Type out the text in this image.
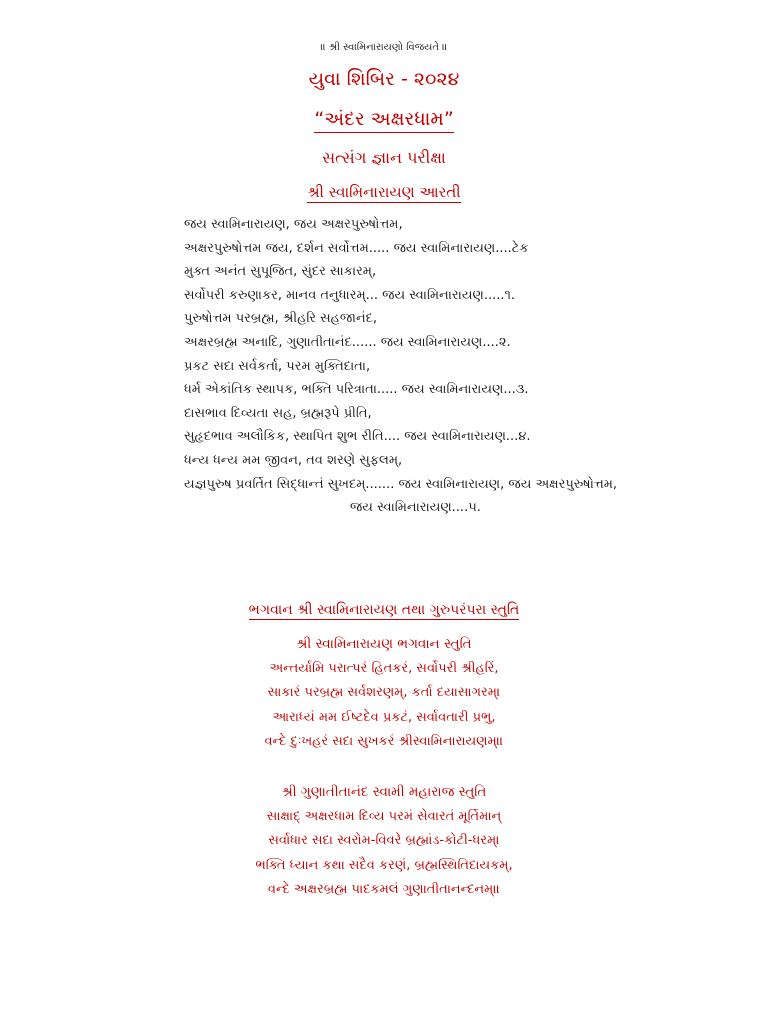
॥ શ્રી સ્વામિનારાયણો વિજયતે ॥
યુવા શિબિર - ૨૦૨૪
“અંદર અક્ષરધામ”
સત્સંગ જ્ઞાન પરીક્ષા
શ્રી સ્વામિનારાયણ આરતી
જય સ્વામિનારાયણ, જય અક્ષરપુરુષોત્તમ,
અક્ષરપુરુષોત્તમ જય, દર્શન સર્વોત્તમ..... જય સ્વામિનારાયણ....ટેક
મુક્ત અનંત સુપૂજિત, સુંદર સાકારમ્,
સર્વોપરી કરુણાકર, માનવ તનુધારમ્... જય સ્વામિનારાયણ.....૧.
પુરુષોત્તમ પરબ્રહ્મ, શ્રીહરિ સહજાનંદ,
અક્ષરબ્રહ્મ અનાદિ, ગુણાતીતાનંદ...... જય સ્વામિનારાયણ....૨.
પ્રકટ સદા સર્વકર્તા, પરમ મુક્તિદાતા,
ધર્મ એકાંતિક સ્થાપક, ભક્તિ પરિત્રાતા..... જય સ્વામિનારાયણ...૩.
દાસભાવ દિવ્યતા સહ, બ્રહ્મરૂપે પ્રીતિ,
સુહૃદભાવ અલૌકિક, સ્થાપિત શુભ રીતિ.... જય સ્વામિનારાયણ...૪.
ધન્ય ધન્ય મમ જીવન, તવ શરણે સુફલમ્,
યજ્ઞપુરુષ પ્રવર્તિત સિદ્ધાન્તં સુખદમ્....... જય સ્વામિનારાયણ, જય અક્ષરપુરુષોત્તમ,
જય સ્વામિનારાયણ....૫.
ભગવાન શ્રી સ્વામિનારાયણ તથા ગુરુપરંપરા સ્તુતિ
શ્રી સ્વામિનારાયણ ભગવાન સ્તુતિ
અન્તર્યામિ પરાત્પરં હિતકરં, સર્વોપરી શ્રીહરિં,
સાકારં પરબ્રહ્મ સર્વશરણમ્, કર્તા દયાસાગરમ્।
આરાધ્યં મમ ઈષ્ટદેવ પ્રકટં, સર્વાવતારી પ્રભુ,
વન્દે દુઃખહરં સદા સુખકરં શ્રીસ્વામિનારાયણમ્॥
શ્રી ગુણાતીતાનંદ સ્વામી મહારાજ સ્તુતિ
સાક્ષાદ્ અક્ષરધામ દિવ્ય પરમં સેવારતં મૂર્તિમાન્
સર્વાધાર સદા સ્વરોમ-વિવરે બ્રહ્માંડ-કોટી-ધરમ્।
ભક્તિ ધ્યાન કથા સદૈવ કરણં, બ્રહ્મસ્થિતિદાયકમ્,
વન્દે અક્ષરબ્રહ્મ પાદકમલં ગુણાતીતાનન્દનમ્॥
